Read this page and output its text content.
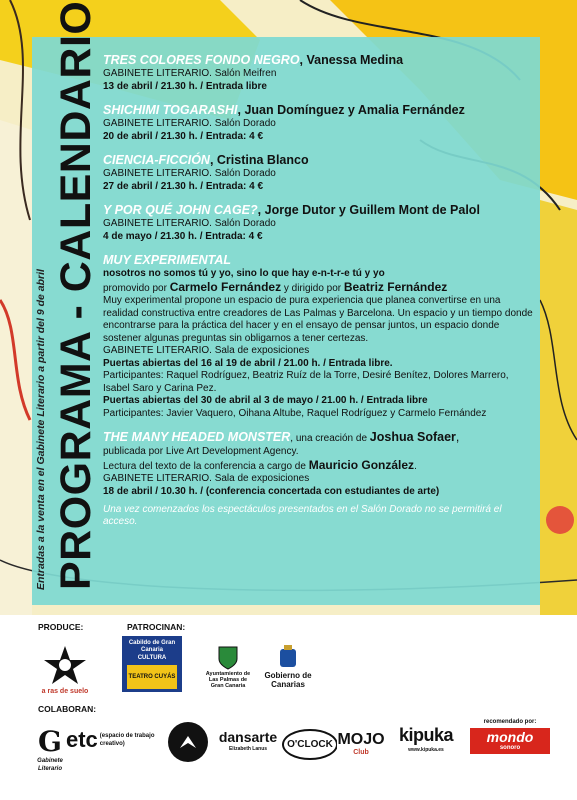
PROGRAMA - CALENDARIO
Entradas a la venta en el Gabinete Literario a partir del 9 de abril
TRES COLORES FONDO NEGRO, Vanessa Medina
GABINETE LITERARIO. Salón Meifren
13 de abril / 21.30 h. / Entrada libre
SHICHIMI TOGARASHI, Juan Domínguez y Amalia Fernández
GABINETE LITERARIO. Salón Dorado
20 de abril / 21.30 h. / Entrada: 4 €
CIENCIA-FICCIÓN, Cristina Blanco
GABINETE LITERARIO. Salón Dorado
27 de abril / 21.30 h. / Entrada: 4 €
Y POR QUÉ JOHN CAGE?, Jorge Dutor y Guillem Mont de Palol
GABINETE LITERARIO. Salón Dorado
4 de mayo / 21.30 h. / Entrada: 4 €
MUY EXPERIMENTAL
nosotros no somos tú y yo, sino lo que hay e-n-t-r-e tú y yo
promovido por Carmelo Fernández y dirigido por Beatriz Fernández
Muy experimental propone un espacio de pura experiencia que planea convertirse en una realidad constructiva entre creadores de Las Palmas y Barcelona. Un espacio y un tiempo donde encontrarse para la práctica del hacer y en el ensayo de pensar juntos, un espacio donde sostener algunas preguntas sin obligarnos a tener certezas.
GABINETE LITERARIO. Sala de exposiciones
Puertas abiertas del 16 al 19 de abril / 21.00 h. / Entrada libre.
Participantes: Raquel Rodríguez, Beatriz Ruíz de la Torre, Desiré Benítez, Dolores Marrero, Isabel Saro y Carina Pez.
Puertas abiertas del 30 de abril al 3 de mayo / 21.00 h. / Entrada libre
Participantes: Javier Vaquero, Oihana Altube, Raquel Rodríguez y Carmelo Fernández
THE MANY HEADED MONSTER, una creación de Joshua Sofaer,
publicada por Live Art Development Agency.
Lectura del texto de la conferencia a cargo de Mauricio González.
GABINETE LITERARIO. Sala de exposiciones
18 de abril / 10.30 h. / (conferencia concertada con estudiantes de arte)
Una vez comenzados los espectáculos presentados en el Salón Dorado no se permitirá el acceso.
PRODUCE:	PATROCINAN:
COLABORAN:
a ras de suelo
Cabildo de Gran Canaria
CULTURA
TEATRO CUYÁS	Ayuntamiento de Las Palmas de Gran Canaria
Gobierno de Canarias
G
Gabinete Literario
etc (espacio de trabajo creativo)	dansarte
Elizabeth Lanus	O'CLOCK MOJO
Club
kipuka
www.kipuka.es
recomendado por:
mondo
sonoro
